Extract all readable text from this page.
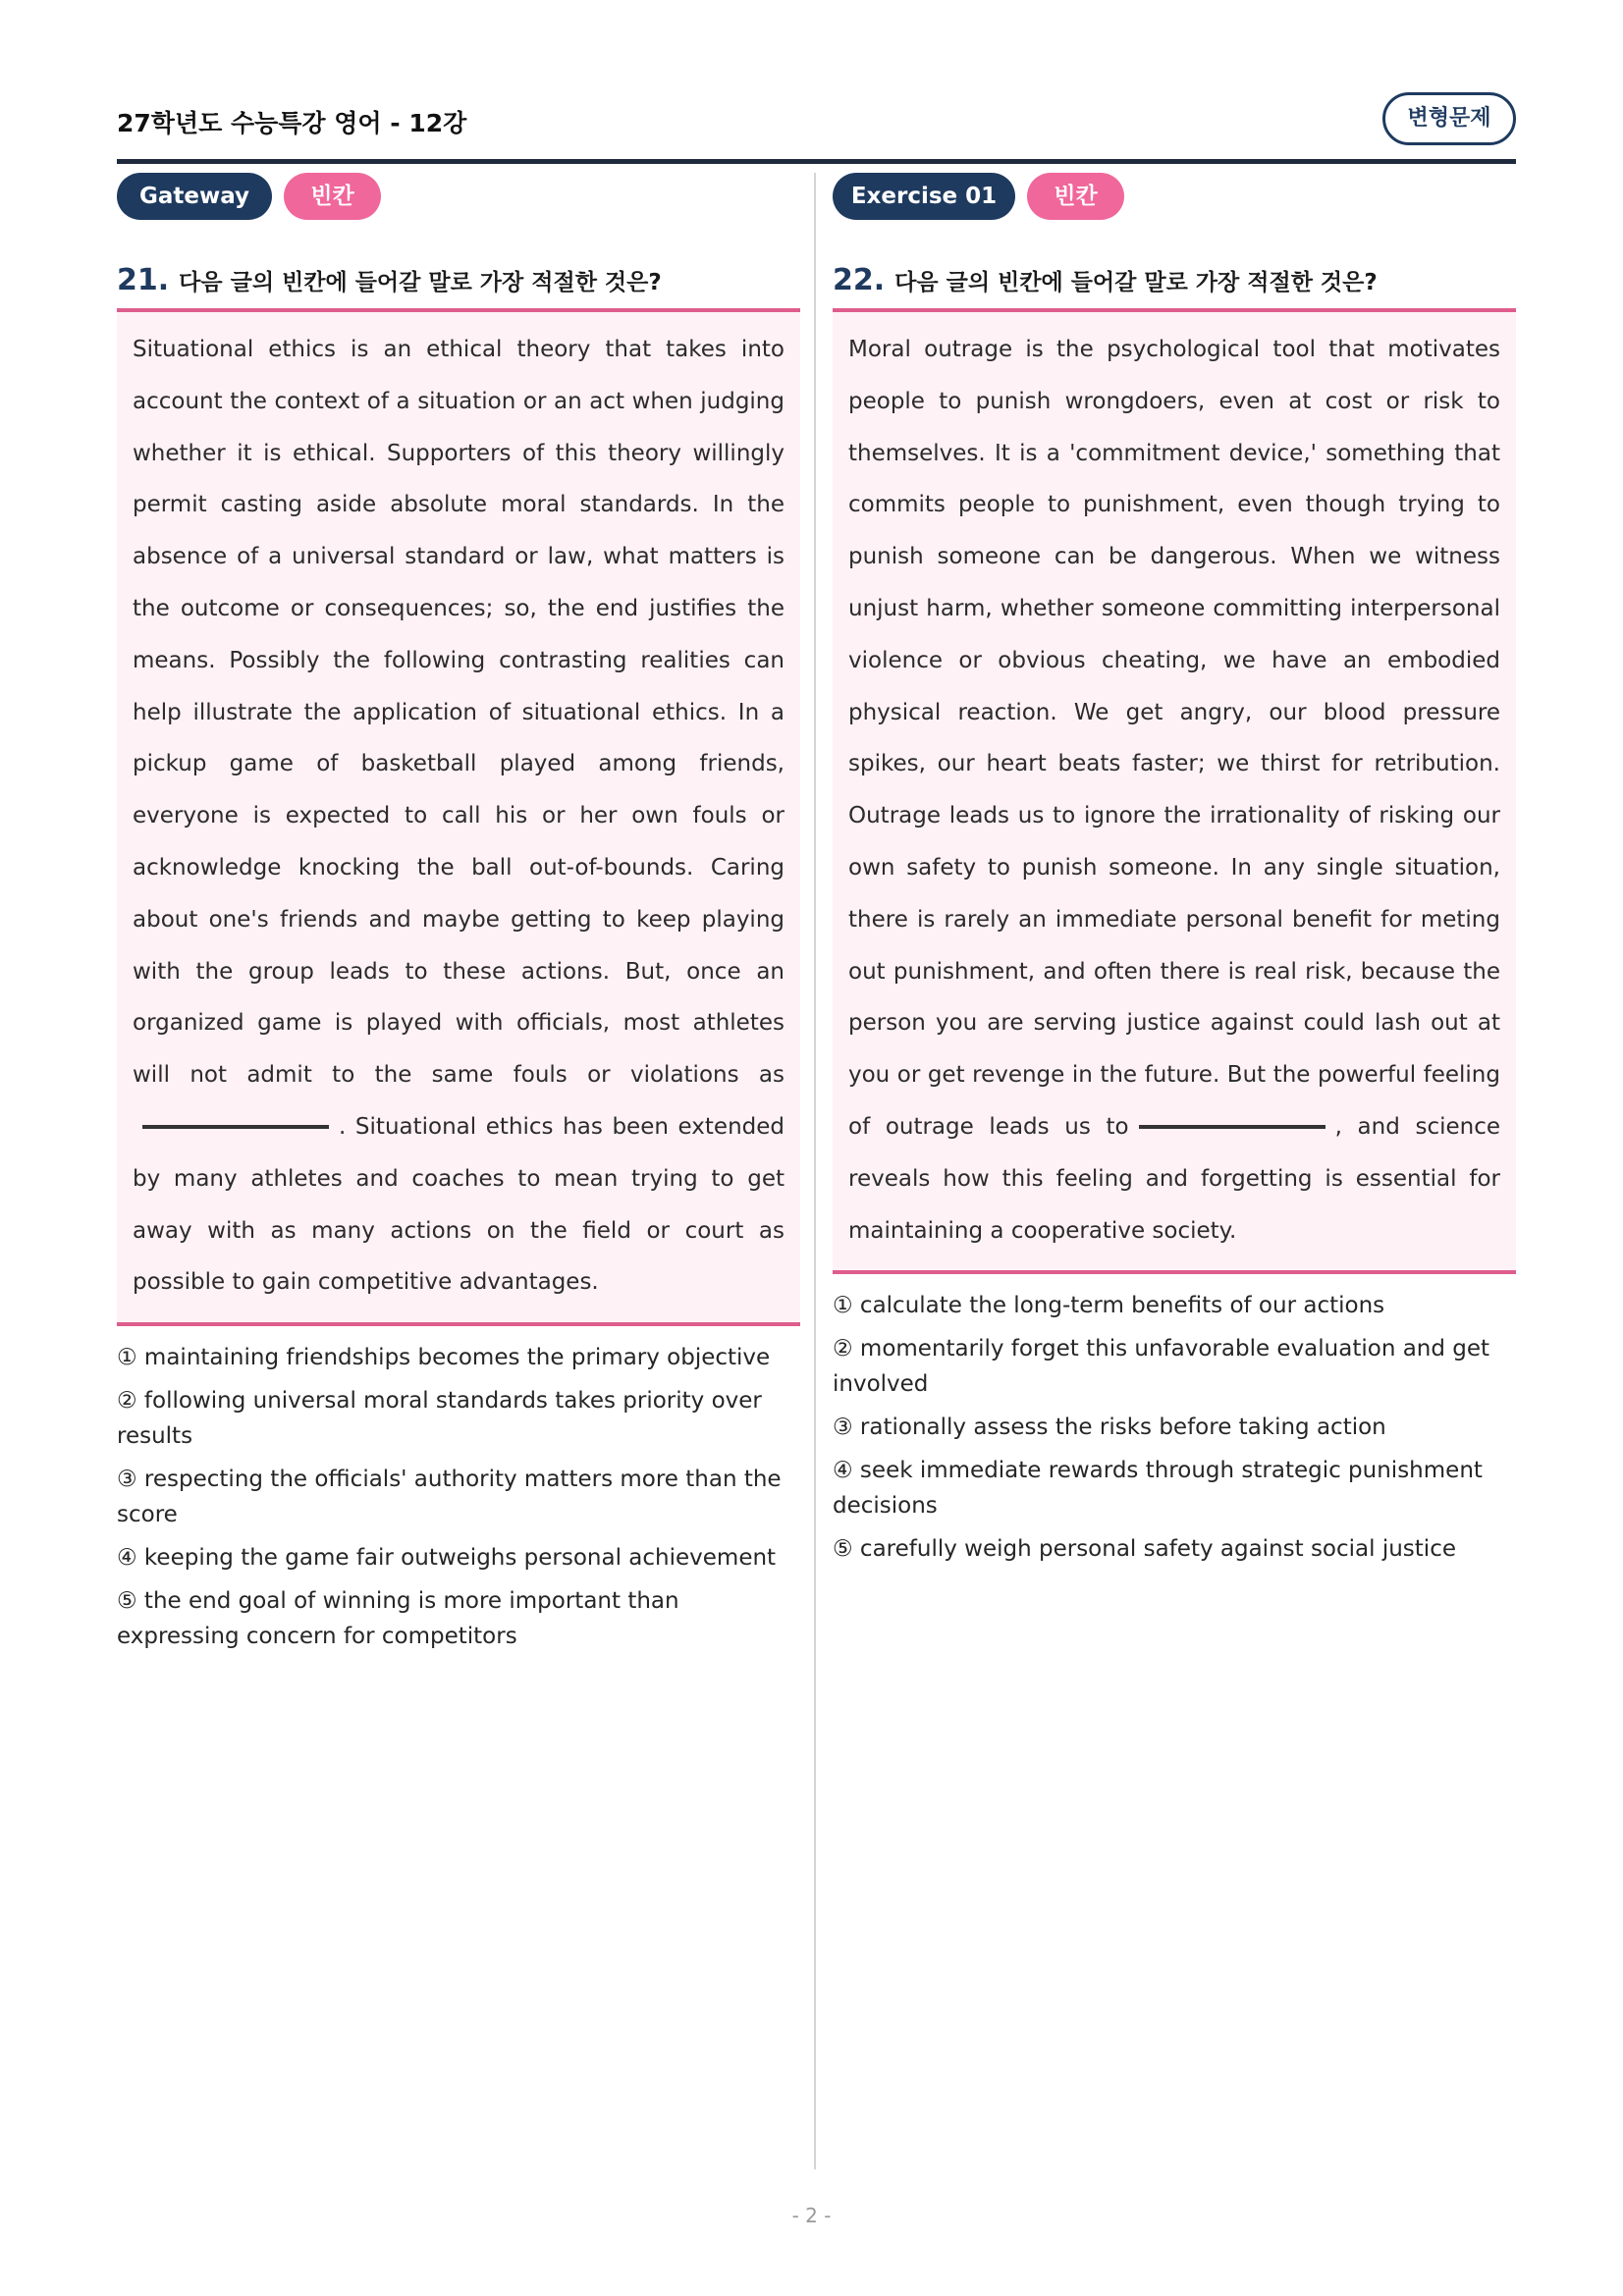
27학년도 수능특강 영어 - 12강	변형문제
Gateway	빈칸
21. 다음 글의 빈칸에 들어갈 말로 가장 적절한 것은?
Situational ethics is an ethical theory that takes into account the context of a situation or an act when judging whether it is ethical. Supporters of this theory willingly permit casting aside absolute moral standards. In the absence of a universal standard or law, what matters is the outcome or consequences; so, the end justifies the means. Possibly the following contrasting realities can help illustrate the application of situational ethics. In a pickup game of basketball played among friends, everyone is expected to call his or her own fouls or acknowledge knocking the ball out-of-bounds. Caring about one's friends and maybe getting to keep playing with the group leads to these actions. But, once an organized game is played with officials, most athletes will not admit to the same fouls or violations as. Situational ethics has been extended by many athletes and coaches to mean trying to get away with as many actions on the field or court as possible to gain competitive advantages.
① maintaining friendships becomes the primary objective
② following universal moral standards takes priority over results
③ respecting the officials' authority matters more than the score
④ keeping the game fair outweighs personal achievement
⑤ the end goal of winning is more important than expressing concern for competitors
Exercise 01	빈칸
22. 다음 글의 빈칸에 들어갈 말로 가장 적절한 것은?
Moral outrage is the psychological tool that motivates people to punish wrongdoers, even at cost or risk to themselves. It is a 'commitment device,' something that commits people to punishment, even though trying to punish someone can be dangerous. When we witness unjust harm, whether someone committing interpersonal violence or obvious cheating, we have an embodied physical reaction. We get angry, our blood pressure spikes, our heart beats faster; we thirst for retribution. Outrage leads us to ignore the irrationality of risking our own safety to punish someone. In any single situation, there is rarely an immediate personal benefit for meting out punishment, and often there is real risk, because the person you are serving justice against could lash out at you or get revenge in the future. But the powerful feeling of outrage leads us to	, and science reveals how this feeling and forgetting is essential for maintaining a cooperative society.
① calculate the long-term benefits of our actions
② momentarily forget this unfavorable evaluation and get involved
③ rationally assess the risks before taking action
④ seek immediate rewards through strategic punishment decisions
⑤ carefully weigh personal safety against social justice
- 2 -
